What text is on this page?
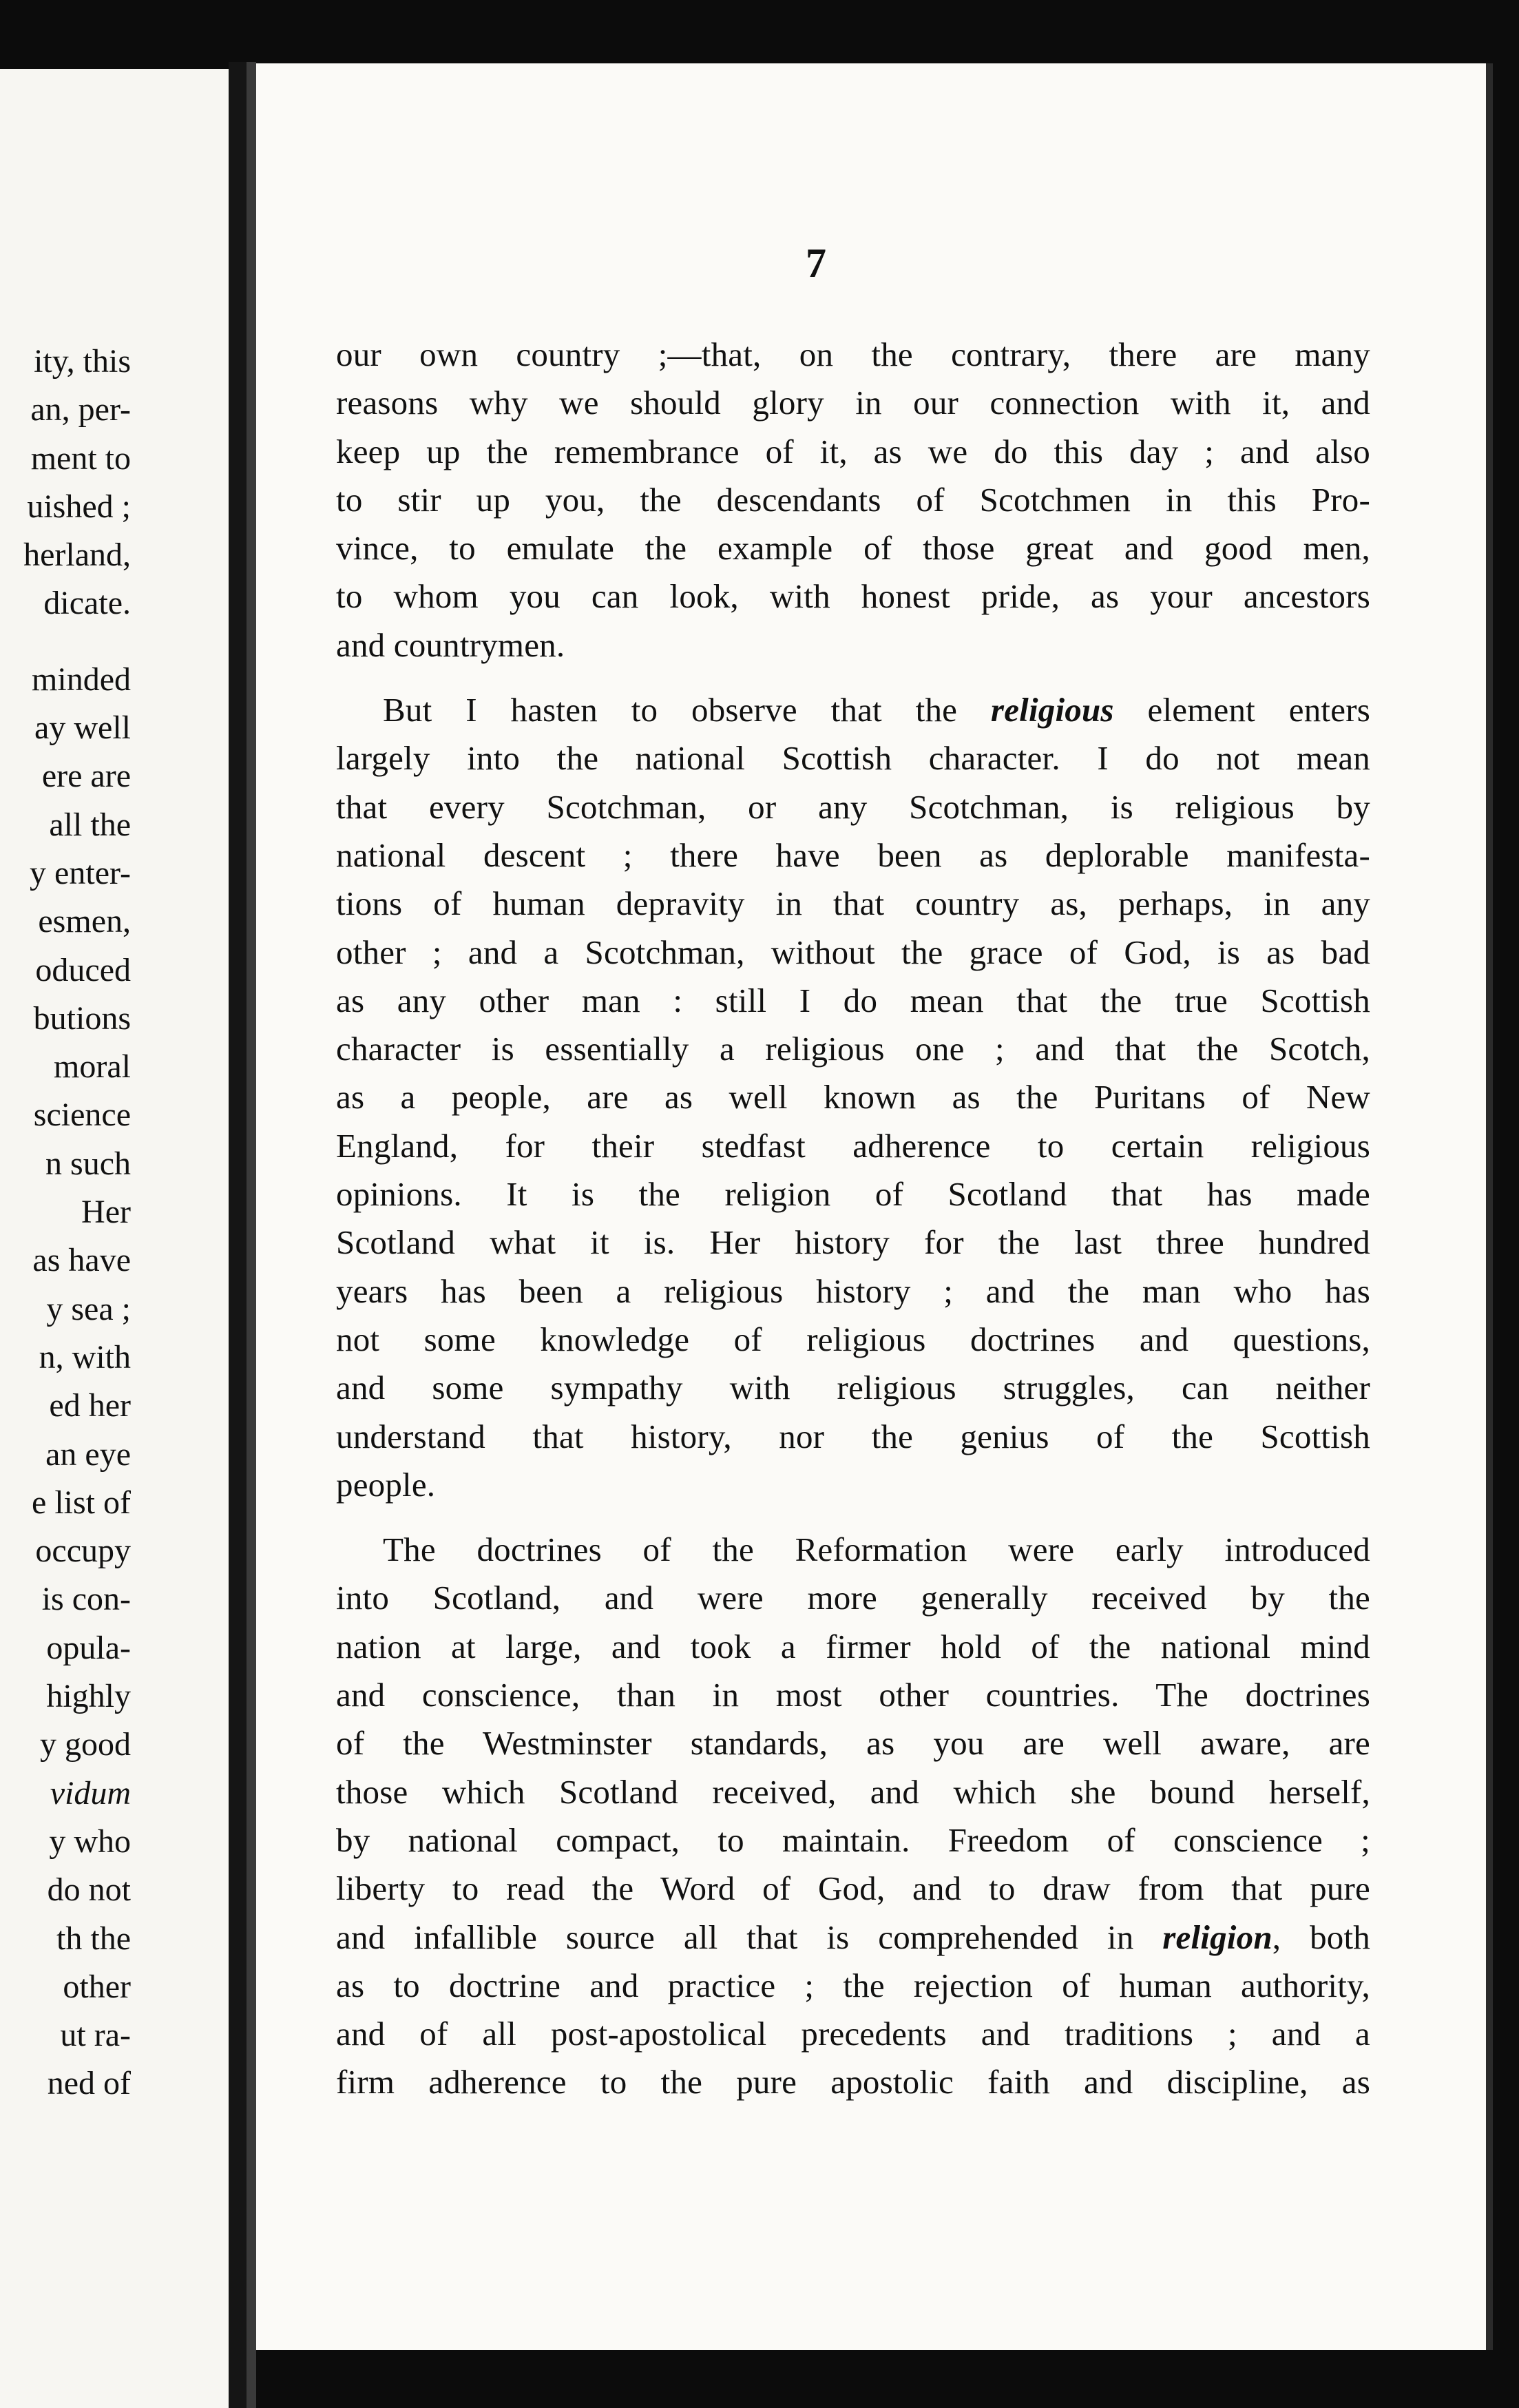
ity, this
an, per-
ment to
uished ;
herland,
dicate.
minded
ay well
ere are
all the
y enter-
esmen,
oduced
butions
moral
science
n such
Her
as have
y sea ;
n, with
ed her
an eye
e list of
occupy
is con-
opula-
highly
y good
vidum
y who
do not
th the
other
ut ra-
ned of
7
our own country ;—that, on the contrary, there are many
reasons why we should glory in our connection with it, and
keep up the remembrance of it, as we do this day ; and also
to stir up you, the descendants of Scotchmen in this Pro-
vince, to emulate the example of those great and good men,
to whom you can look, with honest pride, as your ancestors
and countrymen.
But I hasten to observe that the religious element enters
largely into the national Scottish character. I do not mean
that every Scotchman, or any Scotchman, is religious by
national descent ; there have been as deplorable manifesta-
tions of human depravity in that country as, perhaps, in any
other ; and a Scotchman, without the grace of God, is as bad
as any other man : still I do mean that the true Scottish
character is essentially a religious one ; and that the Scotch,
as a people, are as well known as the Puritans of New
England, for their stedfast adherence to certain religious
opinions. It is the religion of Scotland that has made
Scotland what it is. Her history for the last three hundred
years has been a religious history ; and the man who has
not some knowledge of religious doctrines and questions,
and some sympathy with religious struggles, can neither
understand that history, nor the genius of the Scottish
people.
The doctrines of the Reformation were early introduced
into Scotland, and were more generally received by the
nation at large, and took a firmer hold of the national mind
and conscience, than in most other countries. The doctrines
of the Westminster standards, as you are well aware, are
those which Scotland received, and which she bound herself,
by national compact, to maintain. Freedom of conscience ;
liberty to read the Word of God, and to draw from that pure
and infallible source all that is comprehended in religion, both
as to doctrine and practice ; the rejection of human authority,
and of all post-apostolical precedents and traditions ; and a
firm adherence to the pure apostolic faith and discipline, as
